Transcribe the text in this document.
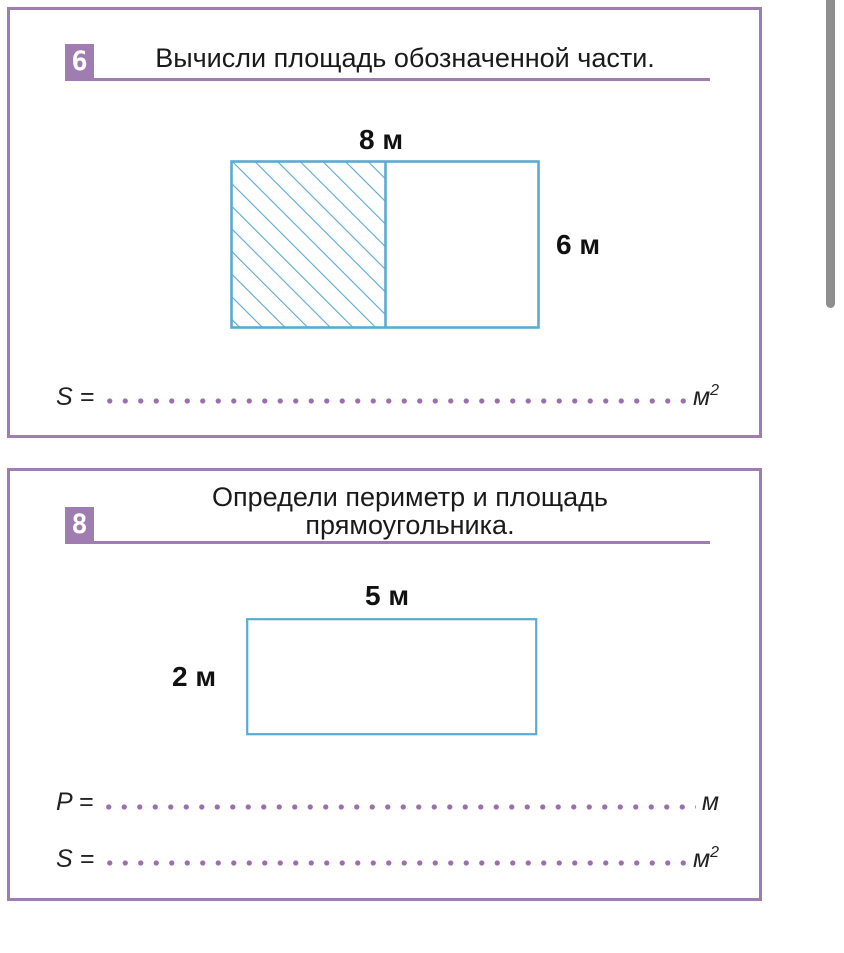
6	Вычисли площадь обозначенной части.
8 м
6 м
S =	$м^2$
8
Определи периметр и площадь
прямоугольника.
5 м
2 м
P =	м
S =	$м^2$
